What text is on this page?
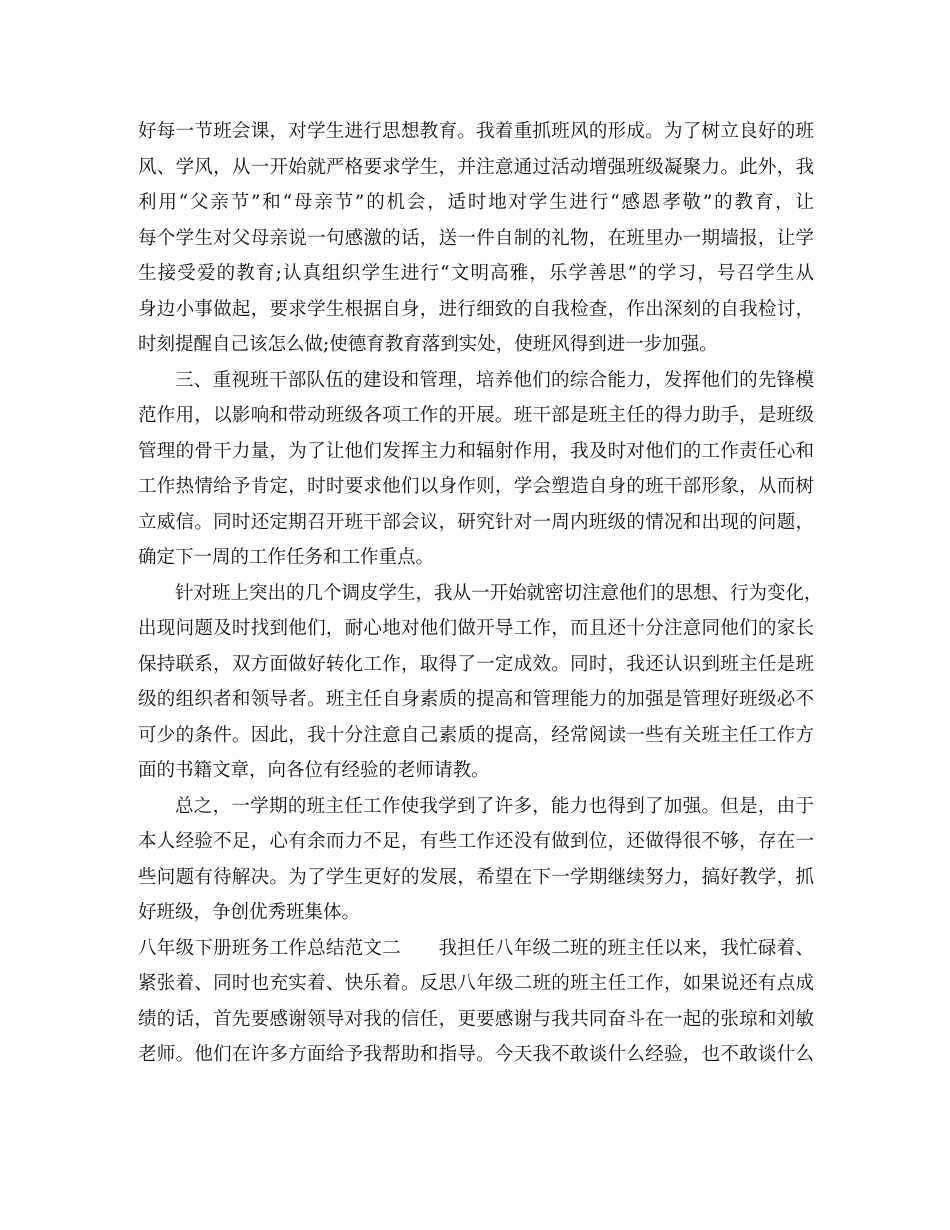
好每一节班会课，对学生进行思想教育。我着重抓班风的形成。为了树立良好的班
风、学风，从一开始就严格要求学生，并注意通过活动增强班级凝聚力。此外，我
利用“父亲节”和“母亲节”的机会，适时地对学生进行“感恩孝敬”的教育，让
每个学生对父母亲说一句感激的话，送一件自制的礼物，在班里办一期墙报，让学
生接受爱的教育;认真组织学生进行“文明高雅，乐学善思”的学习，号召学生从
身边小事做起，要求学生根据自身，进行细致的自我检查，作出深刻的自我检讨，
时刻提醒自己该怎么做;使德育教育落到实处，使班风得到进一步加强。
三、重视班干部队伍的建设和管理，培养他们的综合能力，发挥他们的先锋模
范作用，以影响和带动班级各项工作的开展。班干部是班主任的得力助手，是班级
管理的骨干力量，为了让他们发挥主力和辐射作用，我及时对他们的工作责任心和
工作热情给予肯定，时时要求他们以身作则，学会塑造自身的班干部形象，从而树
立威信。同时还定期召开班干部会议，研究针对一周内班级的情况和出现的问题，
确定下一周的工作任务和工作重点。
针对班上突出的几个调皮学生，我从一开始就密切注意他们的思想、行为变化，
出现问题及时找到他们，耐心地对他们做开导工作，而且还十分注意同他们的家长
保持联系，双方面做好转化工作，取得了一定成效。同时，我还认识到班主任是班
级的组织者和领导者。班主任自身素质的提高和管理能力的加强是管理好班级必不
可少的条件。因此，我十分注意自己素质的提高，经常阅读一些有关班主任工作方
面的书籍文章，向各位有经验的老师请教。
总之，一学期的班主任工作使我学到了许多，能力也得到了加强。但是，由于
本人经验不足，心有余而力不足，有些工作还没有做到位，还做得很不够，存在一
些问题有待解决。为了学生更好的发展，希望在下一学期继续努力，搞好教学，抓
好班级，争创优秀班集体。
八年级下册班务工作总结范文二　　我担任八年级二班的班主任以来，我忙碌着、
紧张着、同时也充实着、快乐着。反思八年级二班的班主任工作，如果说还有点成
绩的话，首先要感谢领导对我的信任，更要感谢与我共同奋斗在一起的张琼和刘敏
老师。他们在许多方面给予我帮助和指导。今天我不敢谈什么经验，也不敢谈什么
